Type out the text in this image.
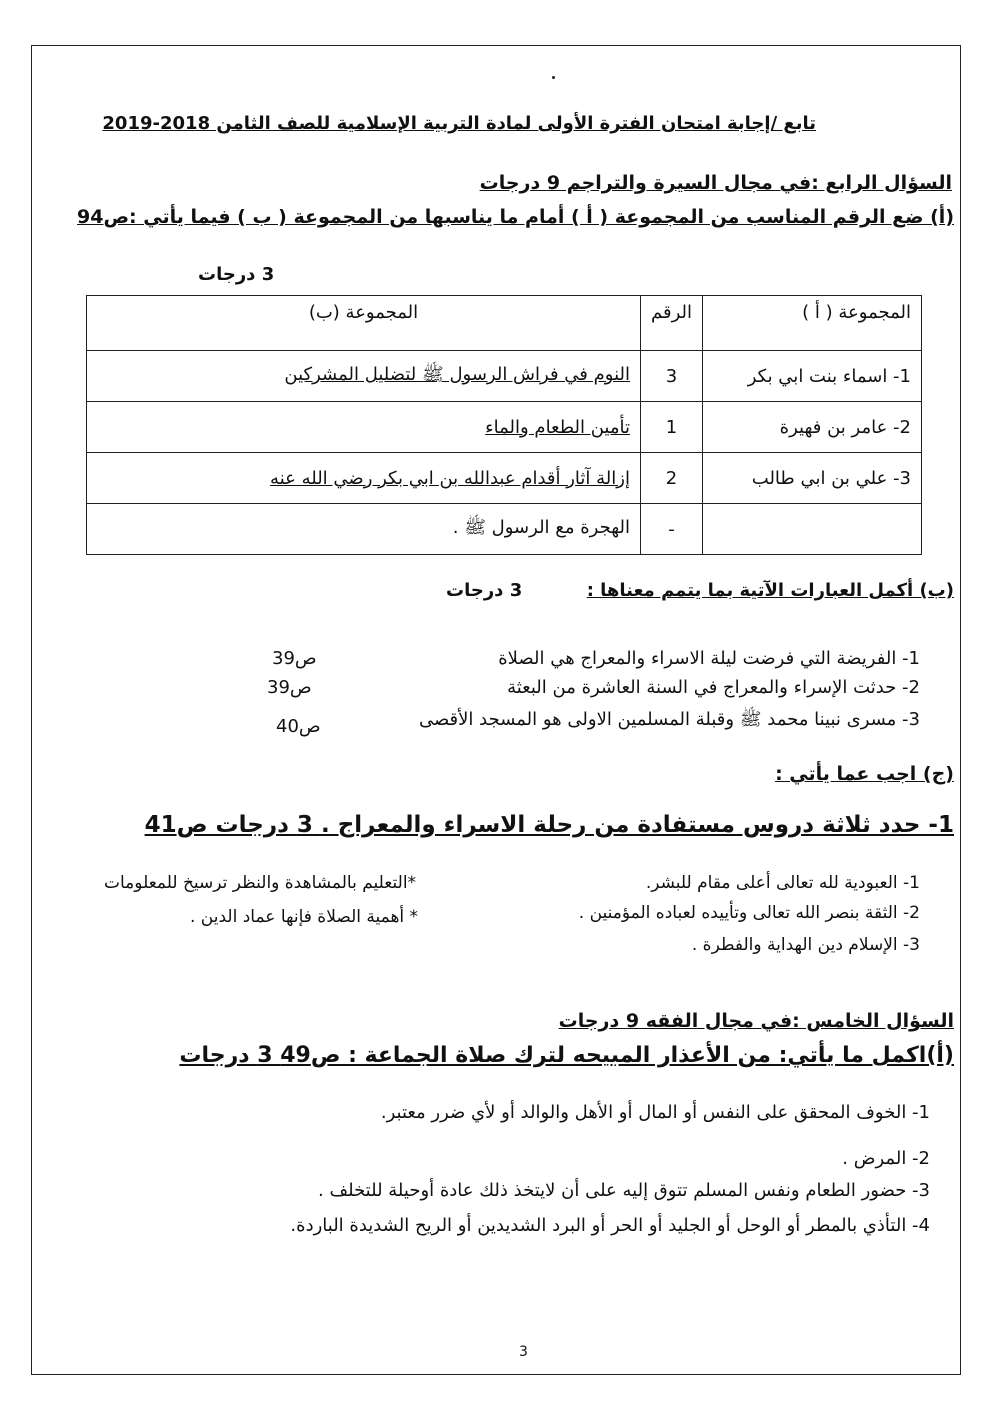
تابع /إجابة امتحان الفترة الأولى لمادة التربية الإسلامية للصف الثامن 2018-2019
السؤال الرابع :في مجال السيرة والتراجم 9 درجات
(أ) ضع الرقم المناسب من المجموعة ( أ ) أمام ما يناسبها من المجموعة ( ب ) فيما يأتي :ص94
3 درجات
المجموعة ( أ )	الرقم	المجموعة (ب)
1- اسماء بنت ابي بكر	3	النوم في فراش الرسول ﷺ لتضليل المشركين
2- عامر بن فهيرة	1	تأمين الطعام والماء
3- علي بن ابي طالب	2	إزالة آثار أقدام عبدالله بن ابي بكر رضي الله عنه
	-	الهجرة مع الرسول ﷺ .
(ب) أكمل العبارات الآتية بما يتمم معناها :
3 درجات
1- الفريضة التي فرضت ليلة الاسراء والمعراج هي الصلاة
2- حدثت الإسراء والمعراج في السنة العاشرة من البعثة
3- مسرى نبينا محمد ﷺ وقبلة المسلمين الاولى هو المسجد الأقصى
ص39
ص39
ص40
(ج) اجب عما يأتي :
1- حدد ثلاثة دروس مستفادة من رحلة الاسراء والمعراج . 3 درجات ص41
1- العبودية لله تعالى أعلى مقام للبشر.
2- الثقة بنصر الله تعالى وتأييده لعباده المؤمنين .
3- الإسلام دين الهداية والفطرة .
*التعليم بالمشاهدة والنظر ترسيخ للمعلومات
* أهمية الصلاة فإنها عماد الدين .
السؤال الخامس :في مجال الفقه 9 درجات
(أ)اكمل ما يأتي: من الأعذار المبيحه لترك صلاة الجماعة : ص49 3 درجات
1- الخوف المحقق على النفس أو المال أو الأهل والوالد أو لأي ضرر معتبر.
2- المرض .
3- حضور الطعام ونفس المسلم تتوق إليه على أن لايتخذ ذلك عادة أوحيلة للتخلف .
4- التأذي بالمطر أو الوحل أو الجليد أو الحر أو البرد الشديدين أو الريح الشديدة الباردة.
3
